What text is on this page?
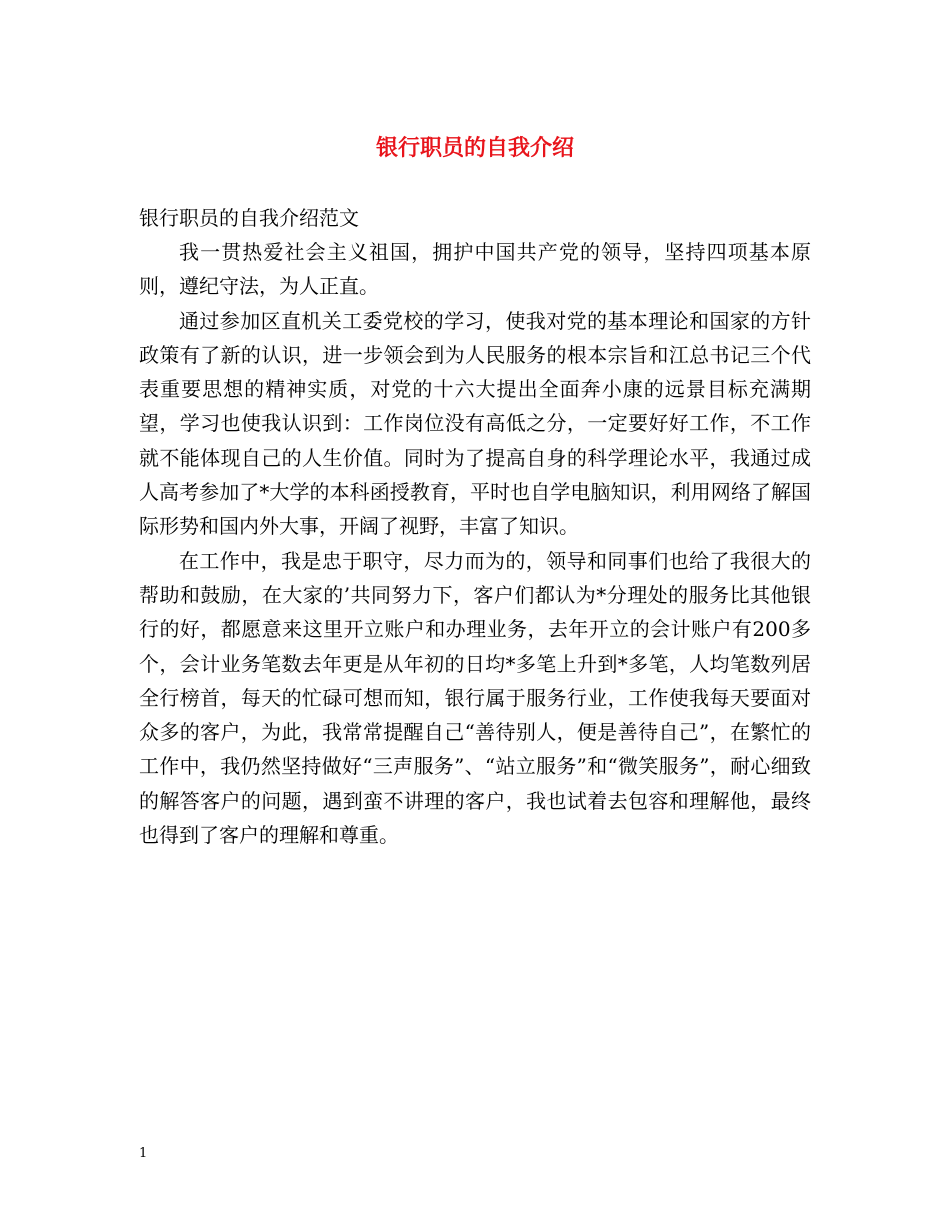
银行职员的自我介绍

银行职员的自我介绍范文

我一贯热爱社会主义祖国，拥护中国共产党的领导，坚持四项基本原则，遵纪守法，为人正直。

通过参加区直机关工委党校的学习，使我对党的基本理论和国家的方针政策有了新的认识，进一步领会到为人民服务的根本宗旨和江总书记三个代表重要思想的精神实质，对党的十六大提出全面奔小康的远景目标充满期望，学习也使我认识到：工作岗位没有高低之分，一定要好好工作，不工作就不能体现自己的人生价值。同时为了提高自身的科学理论水平，我通过成人高考参加了*大学的本科函授教育，平时也自学电脑知识，利用网络了解国际形势和国内外大事，开阔了视野，丰富了知识。

在工作中，我是忠于职守，尽力而为的，领导和同事们也给了我很大的帮助和鼓励，在大家的’共同努力下，客户们都认为*分理处的服务比其他银行的好，都愿意来这里开立账户和办理业务，去年开立的会计账户有200多个，会计业务笔数去年更是从年初的日均*多笔上升到*多笔，人均笔数列居全行榜首，每天的忙碌可想而知，银行属于服务行业，工作使我每天要面对众多的客户，为此，我常常提醒自己“善待别人，便是善待自己”，在繁忙的工作中，我仍然坚持做好“三声服务”、“站立服务”和“微笑服务”，耐心细致的解答客户的问题，遇到蛮不讲理的客户，我也试着去包容和理解他，最终也得到了客户的理解和尊重。

1
